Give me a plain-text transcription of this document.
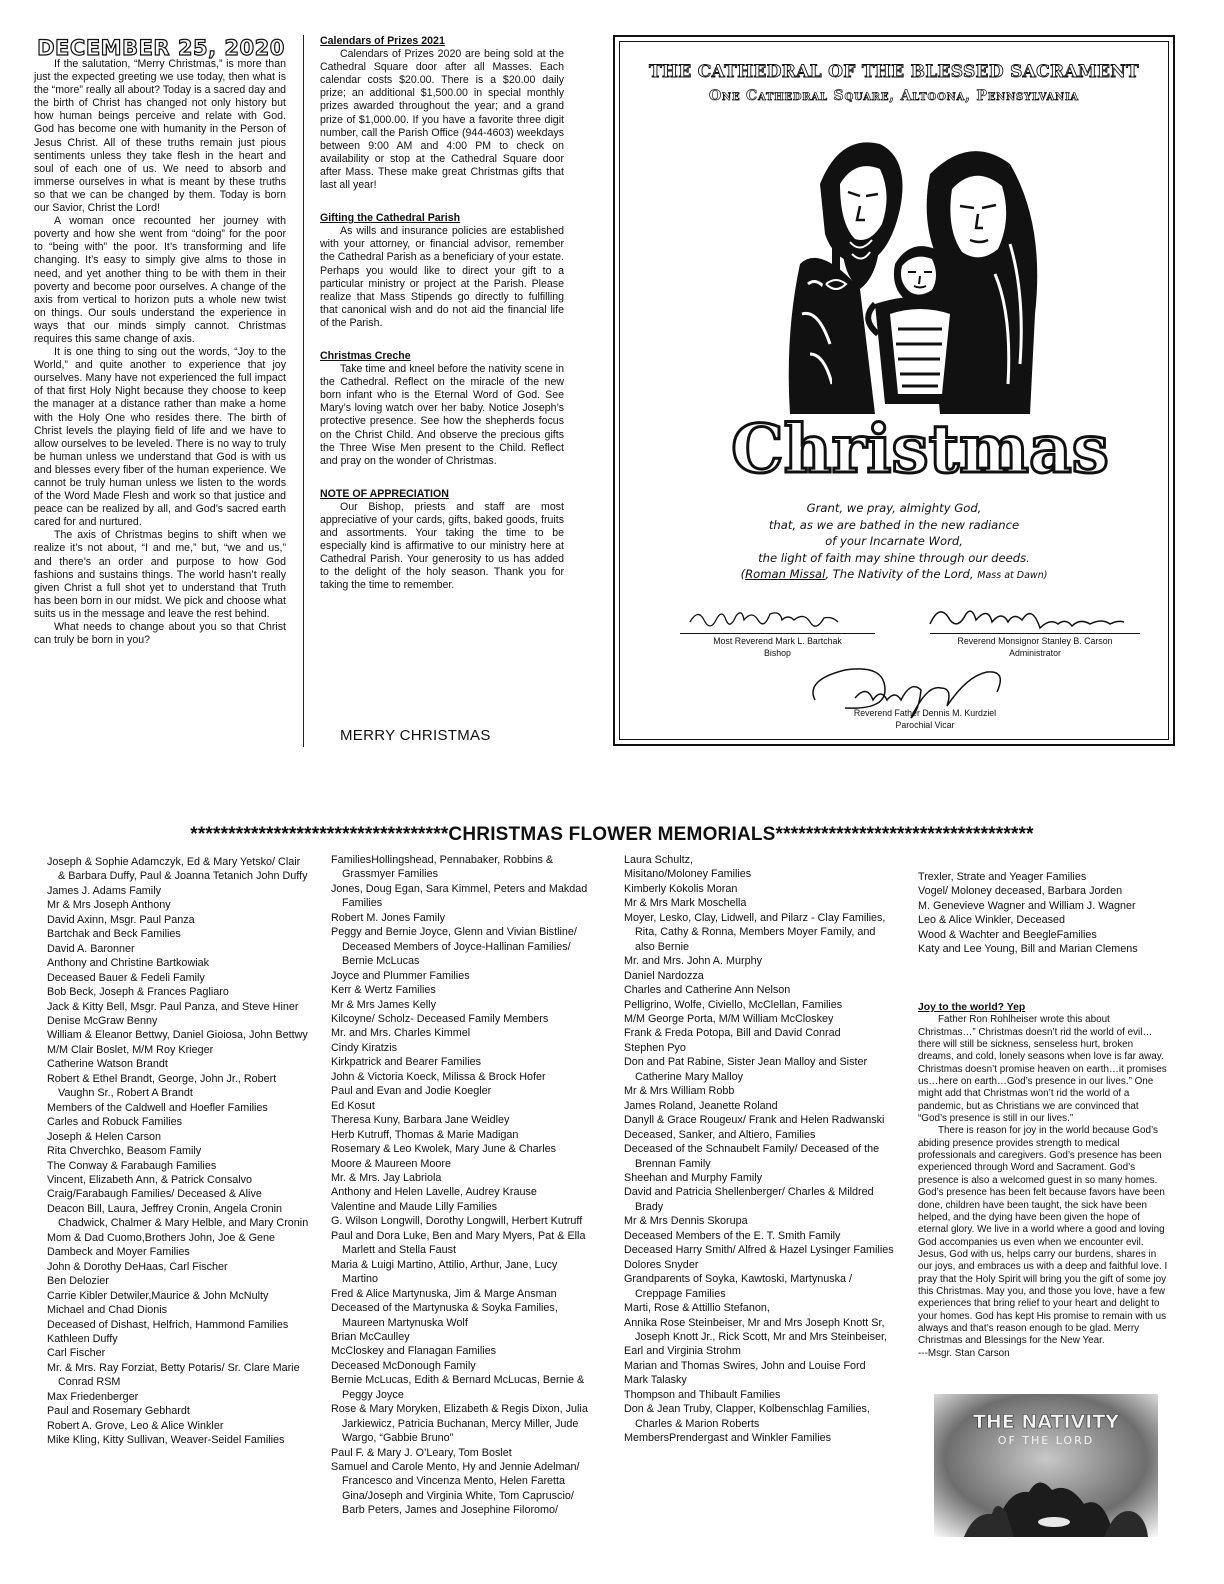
DECEMBER 25, 2020

If the salutation, “Merry Christmas,” is more than just the expected greeting we use today, then what is the “more” really all about? Today is a sacred day and the birth of Christ has changed not only history but how human beings perceive and relate with God. God has become one with humanity in the Person of Jesus Christ. All of these truths remain just pious sentiments unless they take flesh in the heart and soul of each one of us. We need to absorb and immerse ourselves in what is meant by these truths so that we can be changed by them. Today is born our Savior, Christ the Lord!

A woman once recounted her journey with poverty and how she went from “doing” for the poor to “being with” the poor. It’s transforming and life changing. It’s easy to simply give alms to those in need, and yet another thing to be with them in their poverty and become poor ourselves. A change of the axis from vertical to horizon puts a whole new twist on things. Our souls understand the experience in ways that our minds simply cannot. Christmas requires this same change of axis.

It is one thing to sing out the words, “Joy to the World,” and quite another to experience that joy ourselves. Many have not experienced the full impact of that first Holy Night because they choose to keep the manager at a distance rather than make a home with the Holy One who resides there. The birth of Christ levels the playing field of life and we have to allow ourselves to be leveled. There is no way to truly be human unless we understand that God is with us and blesses every fiber of the human experience. We cannot be truly human unless we listen to the words of the Word Made Flesh and work so that justice and peace can be realized by all, and God’s sacred earth cared for and nurtured.

The axis of Christmas begins to shift when we realize it’s not about, “I and me,” but, “we and us,” and there’s an order and purpose to how God fashions and sustains things. The world hasn’t really given Christ a full shot yet to understand that Truth has been born in our midst. We pick and choose what suits us in the message and leave the rest behind.

What needs to change about you so that Christ can truly be born in you?

Calendars of Prizes 2021

Calendars of Prizes 2020 are being sold at the Cathedral Square door after all Masses. Each calendar costs $20.00. There is a $20.00 daily prize; an additional $1,500.00 in special monthly prizes awarded throughout the year; and a grand prize of $1,000.00. If you have a favorite three digit number, call the Parish Office (944-4603) weekdays between 9:00 AM and 4:00 PM to check on availability or stop at the Cathedral Square door after Mass. These make great Christmas gifts that last all year!

Gifting the Cathedral Parish

As wills and insurance policies are established with your attorney, or financial advisor, remember the Cathedral Parish as a beneficiary of your estate. Perhaps you would like to direct your gift to a particular ministry or project at the Parish. Please realize that Mass Stipends go directly to fulfilling that canonical wish and do not aid the financial life of the Parish.

Christmas Creche

Take time and kneel before the nativity scene in the Cathedral. Reflect on the miracle of the new born infant who is the Eternal Word of God. See Mary’s loving watch over her baby. Notice Joseph’s protective presence. See how the shepherds focus on the Christ Child. And observe the precious gifts the Three Wise Men present to the Child. Reflect and pray on the wonder of Christmas.

NOTE OF APPRECIATION

Our Bishop, priests and staff are most appreciative of your cards, gifts, baked goods, fruits and assortments. Your taking the time to be especially kind is affirmative to our ministry here at Cathedral Parish. Your generosity to us has added to the delight of the holy season. Thank you for taking the time to remember.

MERRY CHRISTMAS
THE CATHEDRAL OF THE BLESSED SACRAMENT
One Cathedral Square, Altoona, Pennsylvania
Christmas
Grant, we pray, almighty God,
that, as we are bathed in the new radiance
of your Incarnate Word,
the light of faith may shine through our deeds.
(Roman Missal, The Nativity of the Lord, Mass at Dawn)
Most Reverend Mark L. Bartchak
Bishop
Reverend Monsignor Stanley B. Carson
Administrator
Reverend Father Dennis M. Kurdziel
Parochial Vicar
**********************************CHRISTMAS FLOWER MEMORIALS**********************************
Joseph & Sophie Adamczyk, Ed & Mary Yetsko/ Clair & Barbara Duffy, Paul & Joanna Tetanich John Duffy
James J. Adams Family
Mr & Mrs Joseph Anthony
David Axinn, Msgr. Paul Panza
Bartchak and Beck Families
David A. Baronner
Anthony and Christine Bartkowiak
Deceased Bauer & Fedeli Family
Bob Beck, Joseph & Frances Pagliaro
Jack & Kitty Bell, Msgr. Paul Panza, and Steve Hiner
Denise McGraw Benny
William & Eleanor Bettwy, Daniel Gioiosa, John Bettwy
M/M Clair Boslet, M/M Roy Krieger
Catherine Watson Brandt
Robert & Ethel Brandt, George, John Jr., Robert Vaughn Sr., Robert A Brandt
Members of the Caldwell and Hoefler Families
Carles and Robuck Families
Joseph & Helen Carson
Rita Chverchko, Beasom Family
The Conway & Farabaugh Families
Vincent, Elizabeth Ann, & Patrick Consalvo
Craig/Farabaugh Families/ Deceased & Alive
Deacon Bill, Laura, Jeffrey Cronin, Angela Cronin Chadwick, Chalmer & Mary Helble, and Mary Cronin
Mom & Dad Cuomo,Brothers John, Joe & Gene
Dambeck and Moyer Families
John & Dorothy DeHaas, Carl Fischer
Ben Delozier
Carrie Kibler Detwiler,Maurice & John McNulty
Michael and Chad Dionis
Deceased of Dishast, Helfrich, Hammond Families
Kathleen Duffy
Carl Fischer
Mr. & Mrs. Ray Forziat, Betty Potaris/ Sr. Clare Marie Conrad RSM
Max Friedenberger
Paul and Rosemary Gebhardt
Robert A. Grove, Leo & Alice Winkler
Mike Kling, Kitty Sullivan, Weaver-Seidel Families
FamiliesHollingshead, Pennabaker, Robbins & Grassmyer Families
Jones, Doug Egan, Sara Kimmel, Peters and Makdad Families
Robert M. Jones Family
Peggy and Bernie Joyce, Glenn and Vivian Bistline/ Deceased Members of Joyce-Hallinan Families/ Bernie McLucas
Joyce and Plummer Families
Kerr & Wertz Families
Mr & Mrs James Kelly
Kilcoyne/ Scholz- Deceased Family Members
Mr. and Mrs. Charles Kimmel
Cindy Kiratzis
Kirkpatrick and Bearer Families
John & Victoria Koeck, Milissa & Brock Hofer
Paul and Evan and Jodie Koegler
Ed Kosut
Theresa Kuny, Barbara Jane Weidley
Herb Kutruff, Thomas & Marie Madigan
Rosemary & Leo Kwolek, Mary June & Charles
Moore & Maureen Moore
Mr. & Mrs. Jay Labriola
Anthony and Helen Lavelle, Audrey Krause
Valentine and Maude Lilly Families
G. Wilson Longwill, Dorothy Longwill, Herbert Kutruff
Paul and Dora Luke, Ben and Mary Myers, Pat & Ella Marlett and Stella Faust
Maria & Luigi Martino, Attilio, Arthur, Jane, Lucy Martino
Fred & Alice Martynuska, Jim & Marge Ansman
Deceased of the Martynuska & Soyka Families, Maureen Martynuska Wolf
Brian McCaulley
McCloskey and Flanagan Families
Deceased McDonough Family
Bernie McLucas, Edith & Bernard McLucas, Bernie & Peggy Joyce
Rose & Mary Moryken, Elizabeth & Regis Dixon, Julia Jarkiewicz, Patricia Buchanan, Mercy Miller, Jude Wargo, “Gabbie Bruno”
Paul F. & Mary J. O’Leary, Tom Boslet
Samuel and Carole Mento, Hy and Jennie Adelman/ Francesco and Vincenza Mento, Helen Faretta Gina/Joseph and Virginia White, Tom Capruscio/ Barb Peters, James and Josephine Filoromo/
Laura Schultz,
Misitano/Moloney Families
Kimberly Kokolis Moran
Mr & Mrs Mark Moschella
Moyer, Lesko, Clay, Lidwell, and Pilarz - Clay Families, Rita, Cathy & Ronna, Members Moyer Family, and also Bernie
Mr. and Mrs. John A. Murphy
Daniel Nardozza
Charles and Catherine Ann Nelson
Pelligrino, Wolfe, Civiello, McClellan, Families
M/M George Porta, M/M William McCloskey
Frank & Freda Potopa, Bill and David Conrad
Stephen Pyo
Don and Pat Rabine, Sister Jean Malloy and Sister Catherine Mary Malloy
Mr & Mrs William Robb
James Roland, Jeanette Roland
Danyll & Grace Rougeux/ Frank and Helen Radwanski
Deceased, Sanker, and Altiero, Families
Deceased of the Schnaubelt Family/ Deceased of the Brennan Family
Sheehan and Murphy Family
David and Patricia Shellenberger/ Charles & Mildred Brady
Mr & Mrs Dennis Skorupa
Deceased Members of the E. T. Smith Family
Deceased Harry Smith/ Alfred & Hazel Lysinger Families
Dolores Snyder
Grandparents of Soyka, Kawtoski, Martynuska / Creppage Families
Marti, Rose & Attillio Stefanon,
Annika Rose Steinbeiser, Mr and Mrs Joseph Knott Sr, Joseph Knott Jr., Rick Scott, Mr and Mrs Steinbeiser,
Earl and Virginia Strohm
Marian and Thomas Swires, John and Louise Ford
Mark Talasky
Thompson and Thibault Families
Don & Jean Truby, Clapper, Kolbenschlag Families, Charles & Marion Roberts
MembersPrendergast and Winkler Families
Trexler, Strate and Yeager Families
Vogel/ Moloney deceased, Barbara Jorden
M. Genevieve Wagner and William J. Wagner
Leo & Alice Winkler, Deceased
Wood & Wachter and BeegleFamilies
Katy and Lee Young, Bill and Marian Clemens

Joy to the world? Yep

Father Ron Rohlheiser wrote this about Christmas…” Christmas doesn’t rid the world of evil…there will still be sickness, senseless hurt, broken dreams, and cold, lonely seasons when love is far away. Christmas doesn’t promise heaven on earth…it promises us…here on earth…God’s presence in our lives.” One might add that Christmas won’t rid the world of a pandemic, but as Christians we are convinced that “God’s presence is still in our lives.”

There is reason for joy in the world because God’s abiding presence provides strength to medical professionals and caregivers. God’s presence has been experienced through Word and Sacrament. God’s presence is also a welcomed guest in so many homes. God’s presence has been felt because favors have been done, children have been taught, the sick have been helped, and the dying have been given the hope of eternal glory. We live in a world where a good and loving God accompanies us even when we encounter evil. Jesus, God with us, helps carry our burdens, shares in our joys, and embraces us with a deep and faithful love. I pray that the Holy Spirit will bring you the gift of some joy this Christmas. May you, and those you love, have a few experiences that bring relief to your heart and delight to your homes. God has kept His promise to remain with us always and that’s reason enough to be glad. Merry Christmas and Blessings for the New Year.

---Msgr. Stan Carson

THE NATIVITY
OF THE LORD
